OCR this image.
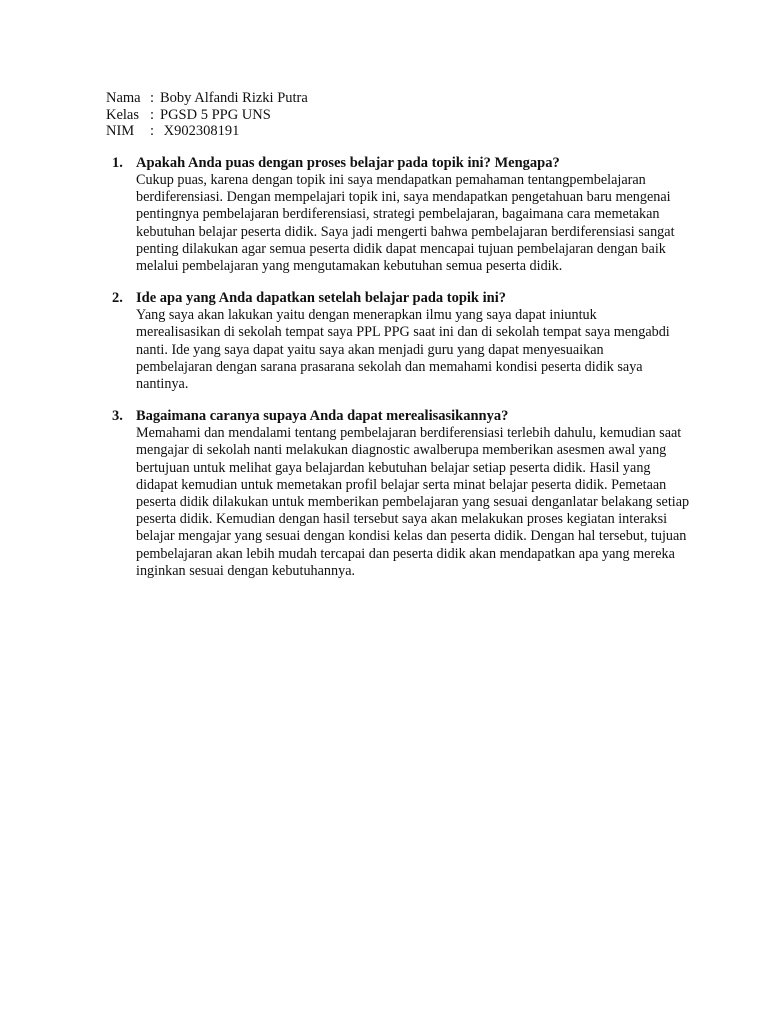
Nama : Boby Alfandi Rizki Putra
Kelas : PGSD 5 PPG UNS
NIM	: X902308191
1. Apakah Anda puas dengan proses belajar pada topik ini? Mengapa?
Cukup puas, karena dengan topik ini saya mendapatkan pemahaman tentangpembelajaran
berdiferensiasi. Dengan mempelajari topik ini, saya mendapatkan pengetahuan baru mengenai
pentingnya pembelajaran berdiferensiasi, strategi pembelajaran, bagaimana cara memetakan
kebutuhan belajar peserta didik. Saya jadi mengerti bahwa pembelajaran berdiferensiasi sangat
penting dilakukan agar semua peserta didik dapat mencapai tujuan pembelajaran dengan baik
melalui pembelajaran yang mengutamakan kebutuhan semua peserta didik.
2. Ide apa yang Anda dapatkan setelah belajar pada topik ini?
Yang saya akan lakukan yaitu dengan menerapkan ilmu yang saya dapat iniuntuk
merealisasikan di sekolah tempat saya PPL PPG saat ini dan di sekolah tempat saya mengabdi
nanti. Ide yang saya dapat yaitu saya akan menjadi guru yang dapat menyesuaikan
pembelajaran dengan sarana prasarana sekolah dan memahami kondisi peserta didik saya
nantinya.
3. Bagaimana caranya supaya Anda dapat merealisasikannya?
Memahami dan mendalami tentang pembelajaran berdiferensiasi terlebih dahulu, kemudian saat
mengajar di sekolah nanti melakukan diagnostic awalberupa memberikan asesmen awal yang
bertujuan untuk melihat gaya belajardan kebutuhan belajar setiap peserta didik. Hasil yang
didapat kemudian untuk memetakan profil belajar serta minat belajar peserta didik. Pemetaan
peserta didik dilakukan untuk memberikan pembelajaran yang sesuai denganlatar belakang setiap
peserta didik. Kemudian dengan hasil tersebut saya akan melakukan proses kegiatan interaksi
belajar mengajar yang sesuai dengan kondisi kelas dan peserta didik. Dengan hal tersebut, tujuan
pembelajaran akan lebih mudah tercapai dan peserta didik akan mendapatkan apa yang mereka
inginkan sesuai dengan kebutuhannya.
